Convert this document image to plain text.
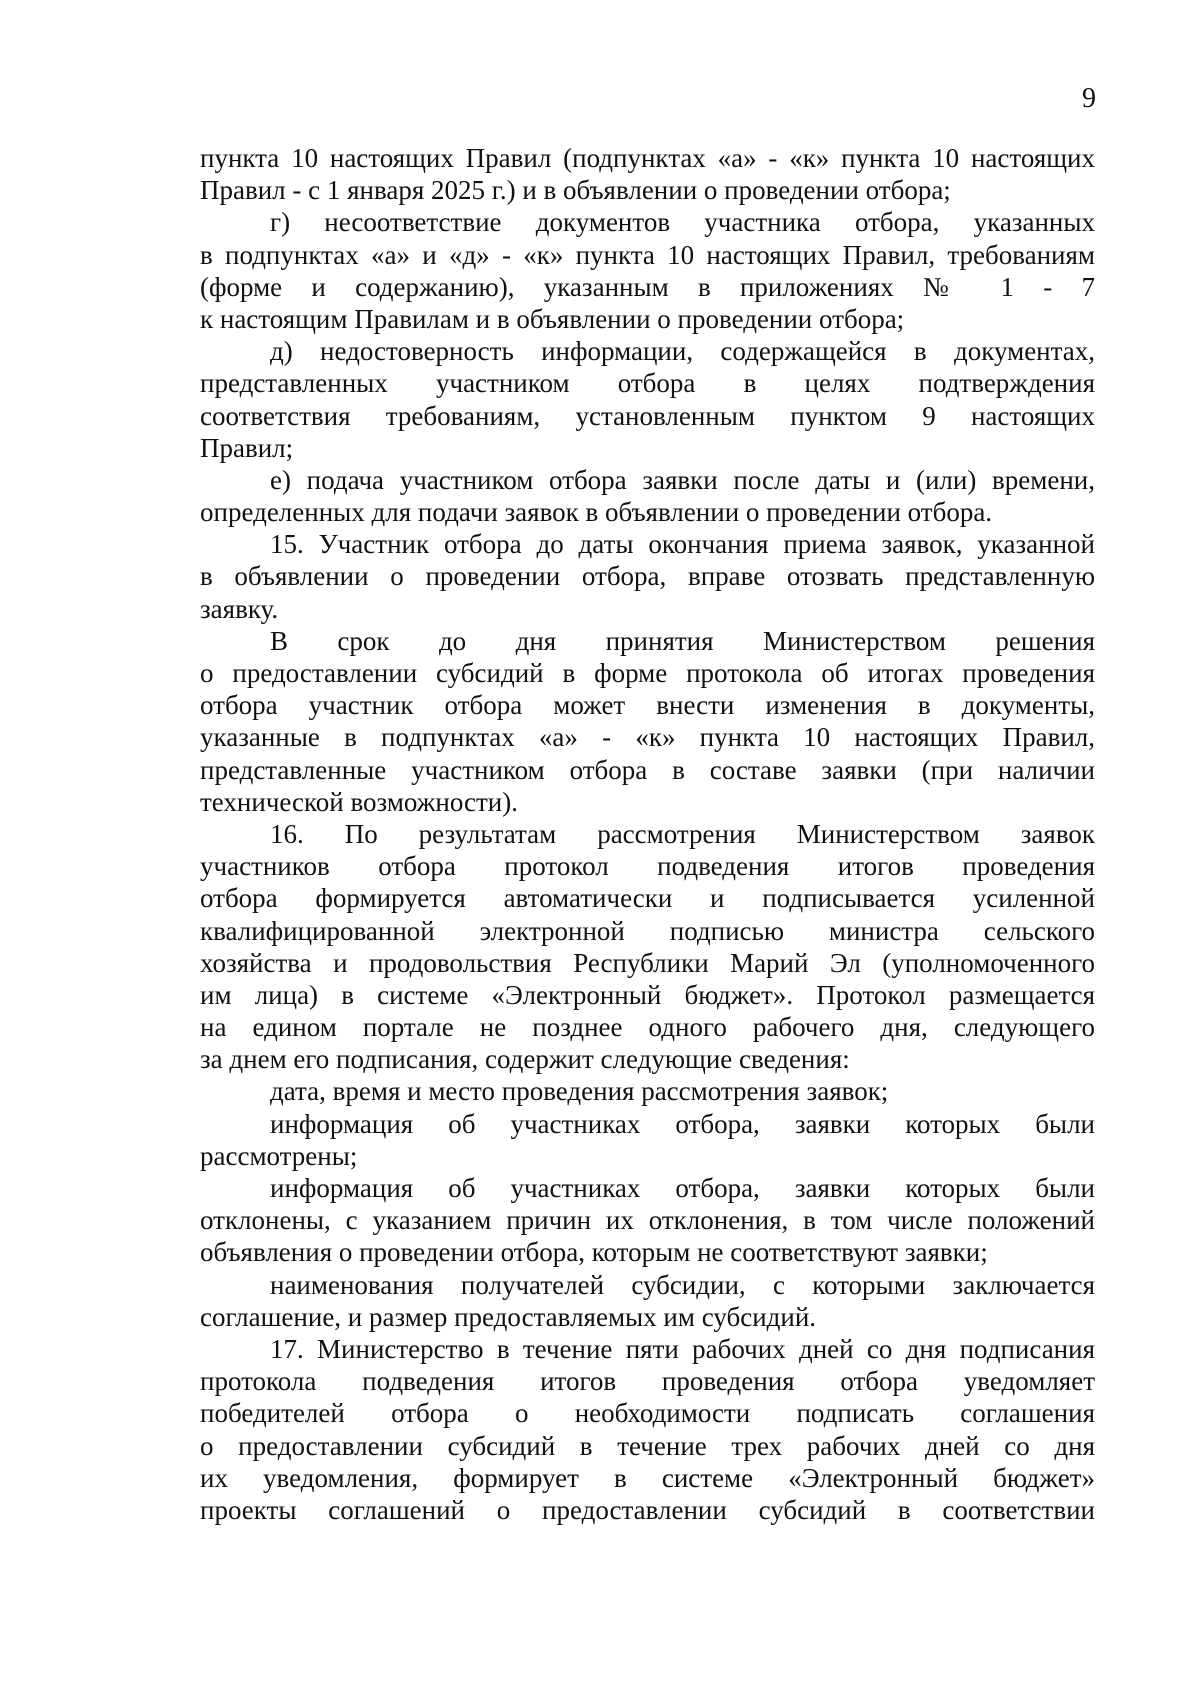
9
пункта 10 настоящих Правил (подпунктах «а» - «к» пункта 10 настоящих
Правил - с 1 января 2025 г.) и в объявлении о проведении отбора;
г) несоответствие документов участника отбора, указанных
в подпунктах «а» и «д» - «к» пункта 10 настоящих Правил, требованиям
(форме и содержанию), указанным в приложениях № 1 - 7
к настоящим Правилам и в объявлении о проведении отбора;
д) недостоверность информации, содержащейся в документах,
представленных участником отбора в целях подтверждения
соответствия требованиям, установленным пунктом 9 настоящих
Правил;
е) подача участником отбора заявки после даты и (или) времени,
определенных для подачи заявок в объявлении о проведении отбора.
15. Участник отбора до даты окончания приема заявок, указанной
в объявлении о проведении отбора, вправе отозвать представленную
заявку.
В срок до дня принятия Министерством решения
о предоставлении субсидий в форме протокола об итогах проведения
отбора участник отбора может внести изменения в документы,
указанные в подпунктах «а» - «к» пункта 10 настоящих Правил,
представленные участником отбора в составе заявки (при наличии
технической возможности).
16. По результатам рассмотрения Министерством заявок
участников отбора протокол подведения итогов проведения
отбора формируется автоматически и подписывается усиленной
квалифицированной электронной подписью министра сельского
хозяйства и продовольствия Республики Марий Эл (уполномоченного
им лица) в системе «Электронный бюджет». Протокол размещается
на едином портале не позднее одного рабочего дня, следующего
за днем его подписания, содержит следующие сведения:
дата, время и место проведения рассмотрения заявок;
информация об участниках отбора, заявки которых были
рассмотрены;
информация об участниках отбора, заявки которых были
отклонены, с указанием причин их отклонения, в том числе положений
объявления о проведении отбора, которым не соответствуют заявки;
наименования получателей субсидии, с которыми заключается
соглашение, и размер предоставляемых им субсидий.
17. Министерство в течение пяти рабочих дней со дня подписания
протокола подведения итогов проведения отбора уведомляет
победителей отбора о необходимости подписать соглашения
о предоставлении субсидий в течение трех рабочих дней со дня
их уведомления, формирует в системе «Электронный бюджет»
проекты соглашений о предоставлении субсидий в соответствии
